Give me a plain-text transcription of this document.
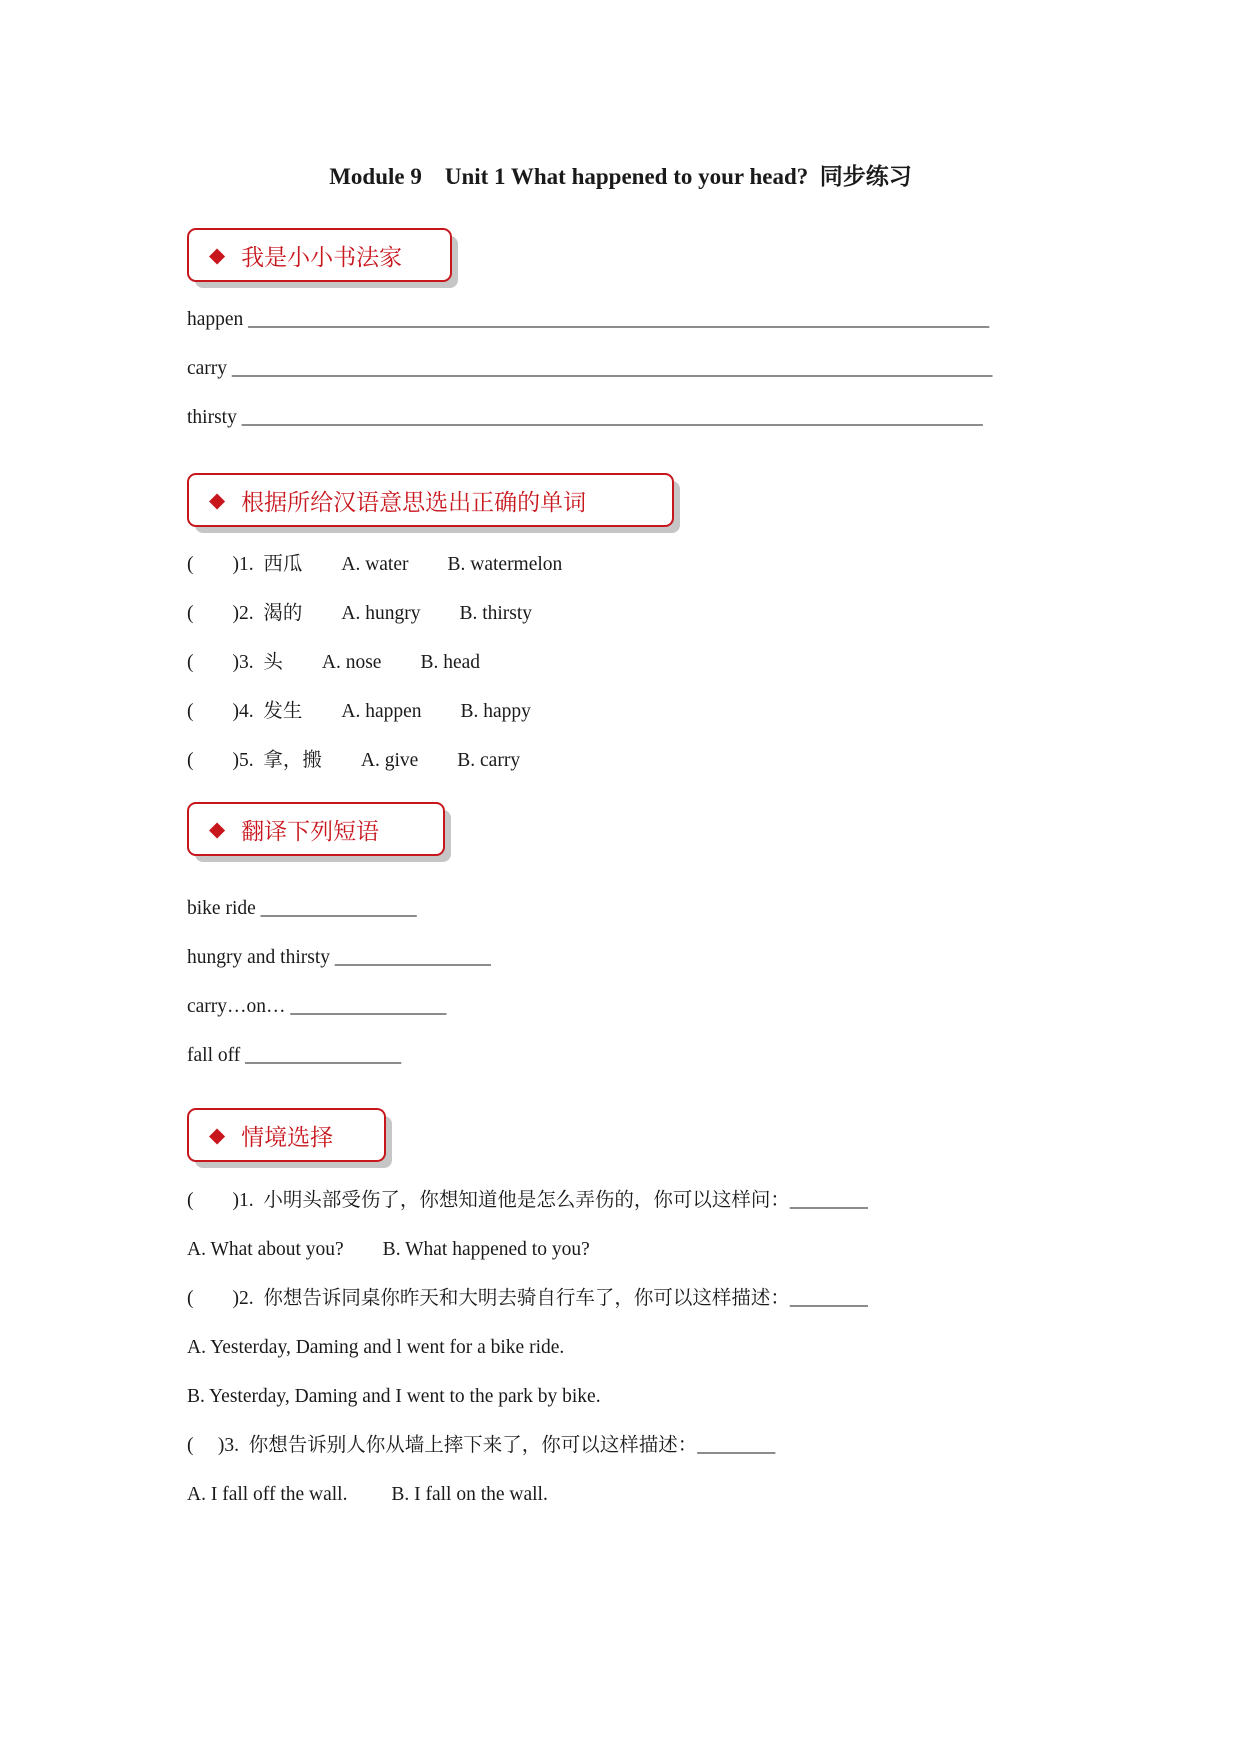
Module 9    Unit 1 What happened to your head?  同步练习
◆ 我是小小书法家
happen ____________________________________________________________________________
carry ______________________________________________________________________________
thirsty ____________________________________________________________________________
◆ 根据所给汉语意思选出正确的单词
(        )1.  西瓜        A. water        B. watermelon
(        )2.  渴的        A. hungry        B. thirsty
(        )3.  头        A. nose        B. head
(        )4.  发生        A. happen        B. happy
(        )5.  拿，搬        A. give        B. carry
◆ 翻译下列短语
bike ride ________________
hungry and thirsty ________________
carry…on… ________________
fall off ________________
◆ 情境选择
(        )1.  小明头部受伤了，你想知道他是怎么弄伤的，你可以这样问：________
A. What about you?        B. What happened to you?
(        )2.  你想告诉同桌你昨天和大明去骑自行车了，你可以这样描述：________
A. Yesterday, Daming and l went for a bike ride.
B. Yesterday, Daming and I went to the park by bike.
(     )3.  你想告诉别人你从墙上摔下来了，你可以这样描述：________
A. I fall off the wall.         B. I fall on the wall.
